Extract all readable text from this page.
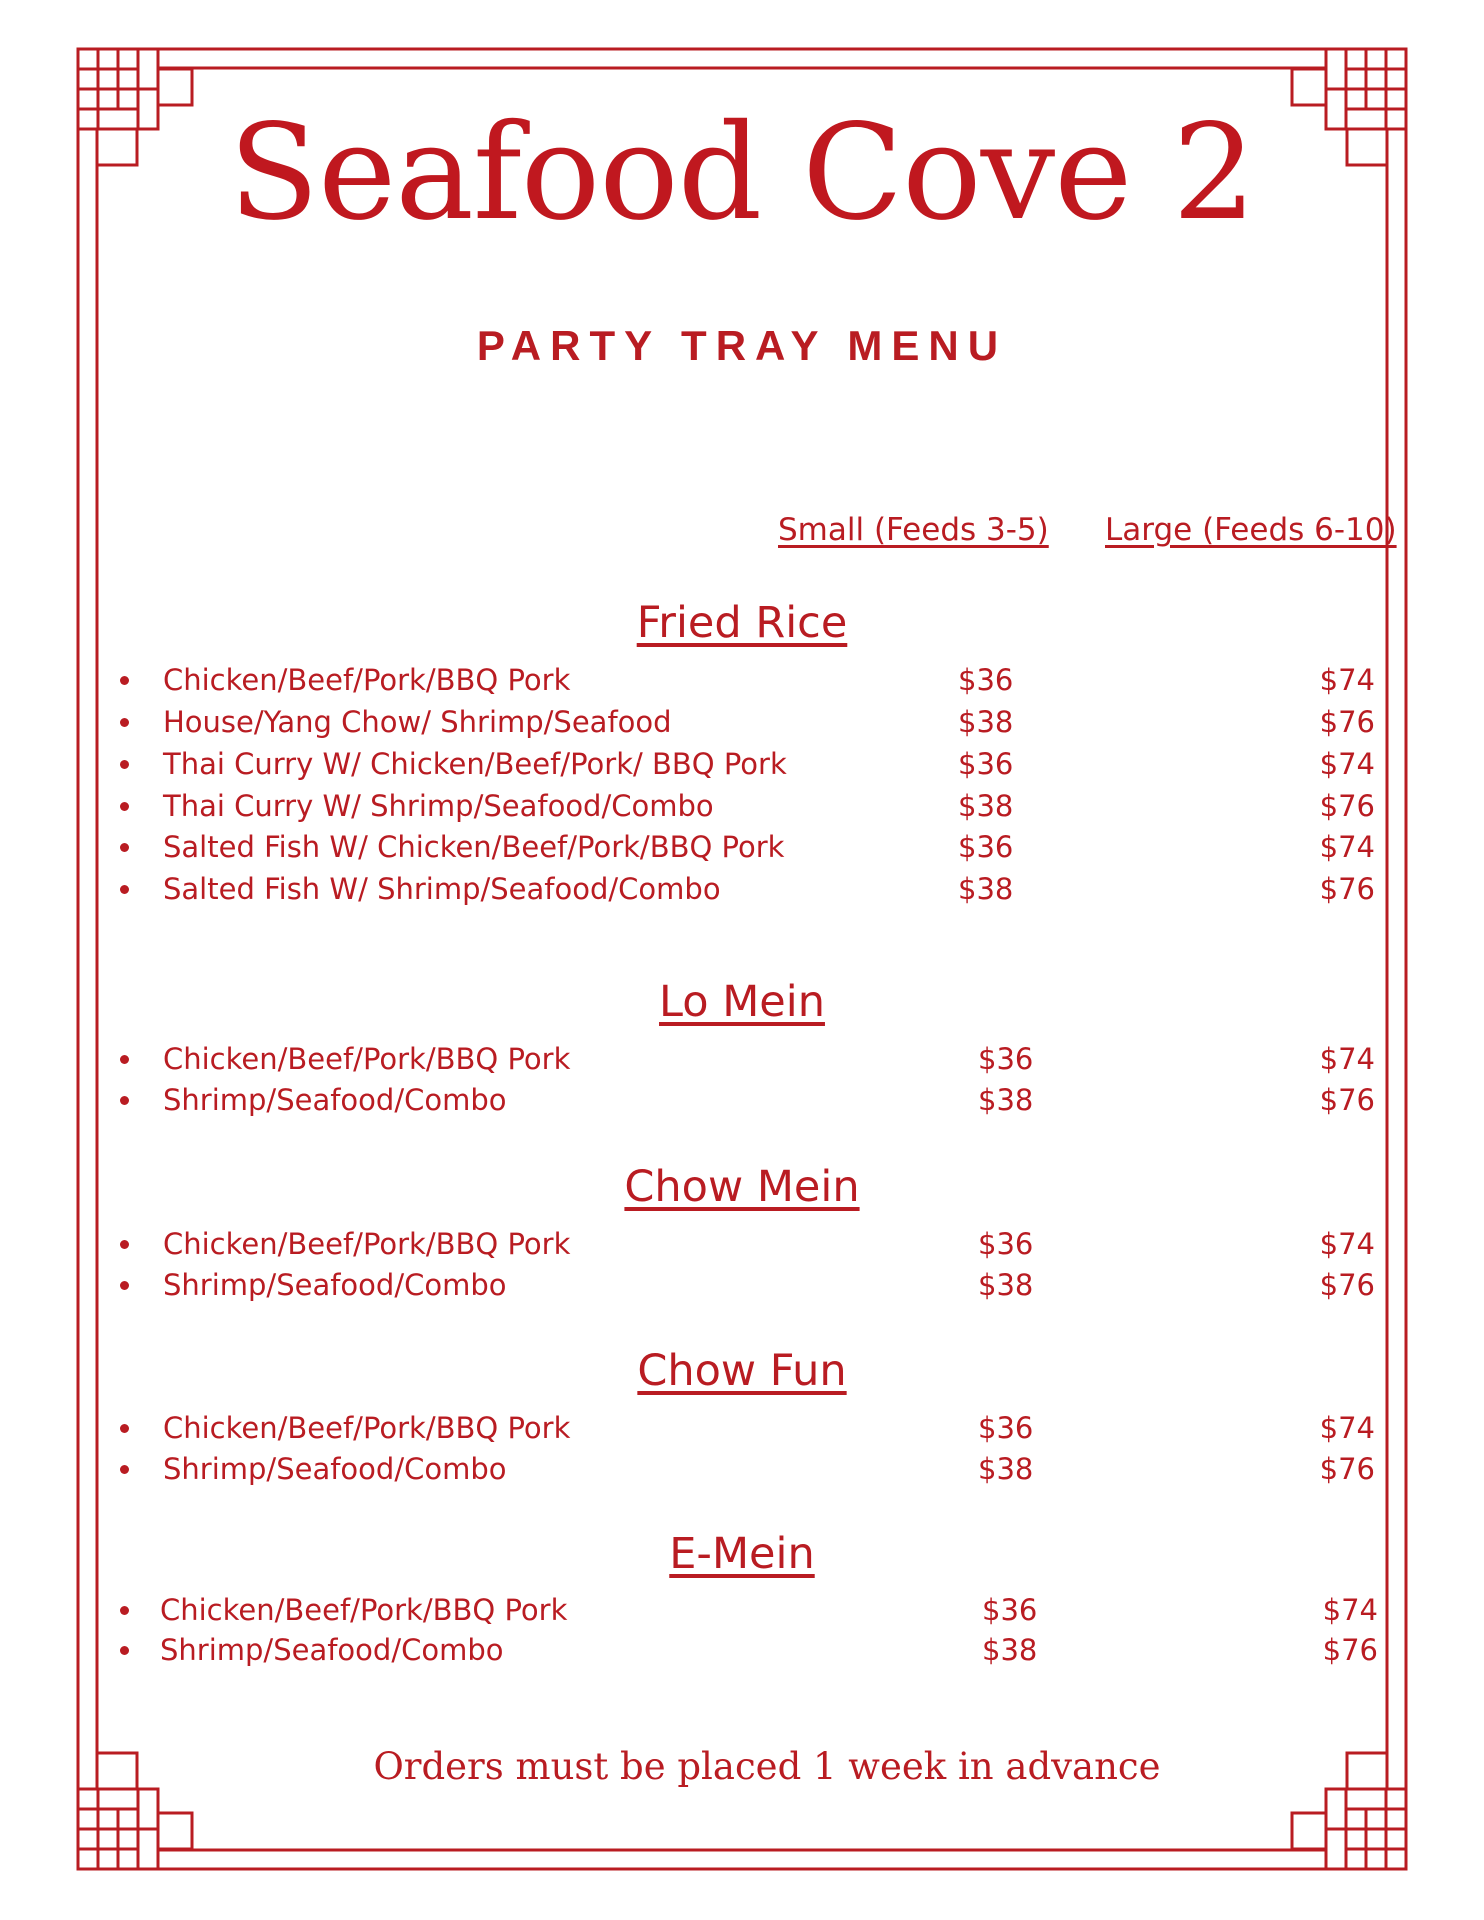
Seafood Cove 2
PARTY TRAY MENU
Small (Feeds 3-5) Large (Feeds 6-10)
Fried Rice
Chicken/Beef/Pork/BBQ Pork	$36	$74
House/Yang Chow/ Shrimp/Seafood	$38	$76
Thai Curry W/ Chicken/Beef/Pork/ BBQ Pork	$36	$74
Thai Curry W/ Shrimp/Seafood/Combo	$38	$76
Salted Fish W/ Chicken/Beef/Pork/BBQ Pork	$36	$74
Salted Fish W/ Shrimp/Seafood/Combo	$38	$76
Lo Mein
Chicken/Beef/Pork/BBQ Pork	$36	$74
Shrimp/Seafood/Combo	$38	$76
Chow Mein
Chicken/Beef/Pork/BBQ Pork	$36	$74
Shrimp/Seafood/Combo	$38	$76
Chow Fun
Chicken/Beef/Pork/BBQ Pork	$36	$74
Shrimp/Seafood/Combo	$38	$76
E-Mein
Chicken/Beef/Pork/BBQ Pork	$36	$74
Shrimp/Seafood/Combo	$38	$76
Orders must be placed 1 week in advance
